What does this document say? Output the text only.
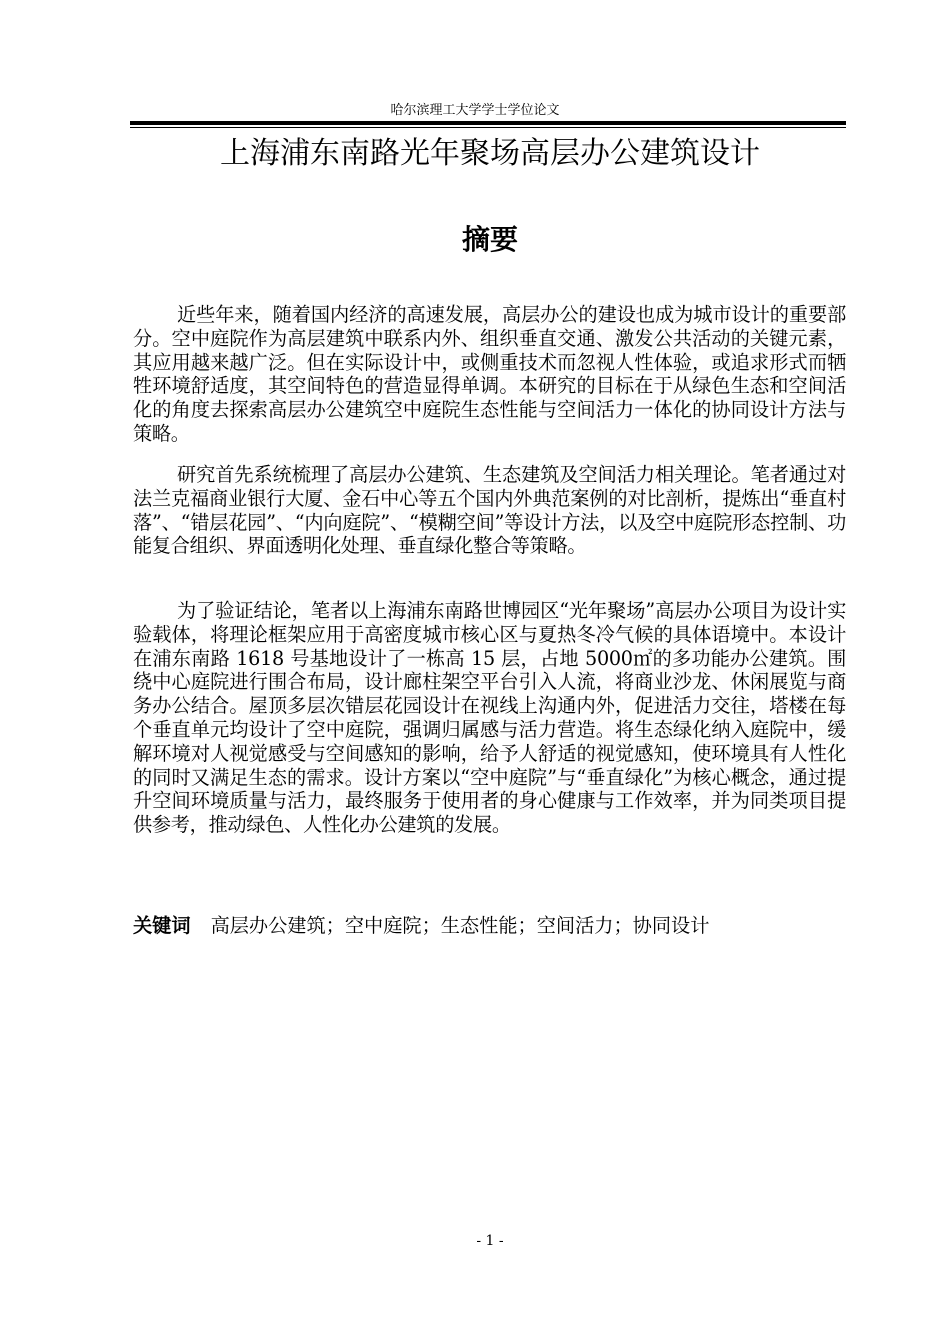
哈尔滨理工大学学士学位论文
上海浦东南路光年聚场高层办公建筑设计
摘要

近些年来，随着国内经济的高速发展，高层办公的建设也成为城市设计的重要部分。空中庭院作为高层建筑中联系内外、组织垂直交通、激发公共活动的关键元素，其应用越来越广泛。但在实际设计中，或侧重技术而忽视人性体验，或追求形式而牺牲环境舒适度，其空间特色的营造显得单调。本研究的目标在于从绿色生态和空间活化的角度去探索高层办公建筑空中庭院生态性能与空间活力一体化的协同设计方法与策略。

研究首先系统梳理了高层办公建筑、生态建筑及空间活力相关理论。笔者通过对法兰克福商业银行大厦、金石中心等五个国内外典范案例的对比剖析，提炼出“垂直村落”、“错层花园”、“内向庭院”、“模糊空间”等设计方法，以及空中庭院形态控制、功能复合组织、界面透明化处理、垂直绿化整合等策略。

为了验证结论，笔者以上海浦东南路世博园区“光年聚场”高层办公项目为设计实验载体，将理论框架应用于高密度城市核心区与夏热冬冷气候的具体语境中。本设计在浦东南路 1618 号基地设计了一栋高 15 层，占地 5000㎡的多功能办公建筑。围绕中心庭院进行围合布局，设计廊柱架空平台引入人流，将商业沙龙、休闲展览与商务办公结合。屋顶多层次错层花园设计在视线上沟通内外，促进活力交往，塔楼在每个垂直单元均设计了空中庭院，强调归属感与活力营造。将生态绿化纳入庭院中，缓解环境对人视觉感受与空间感知的影响，给予人舒适的视觉感知，使环境具有人性化的同时又满足生态的需求。设计方案以“空中庭院”与“垂直绿化”为核心概念，通过提升空间环境质量与活力，最终服务于使用者的身心健康与工作效率，并为同类项目提供参考，推动绿色、人性化办公建筑的发展。

关键词 高层办公建筑；空中庭院；生态性能；空间活力；协同设计
- 1 -
